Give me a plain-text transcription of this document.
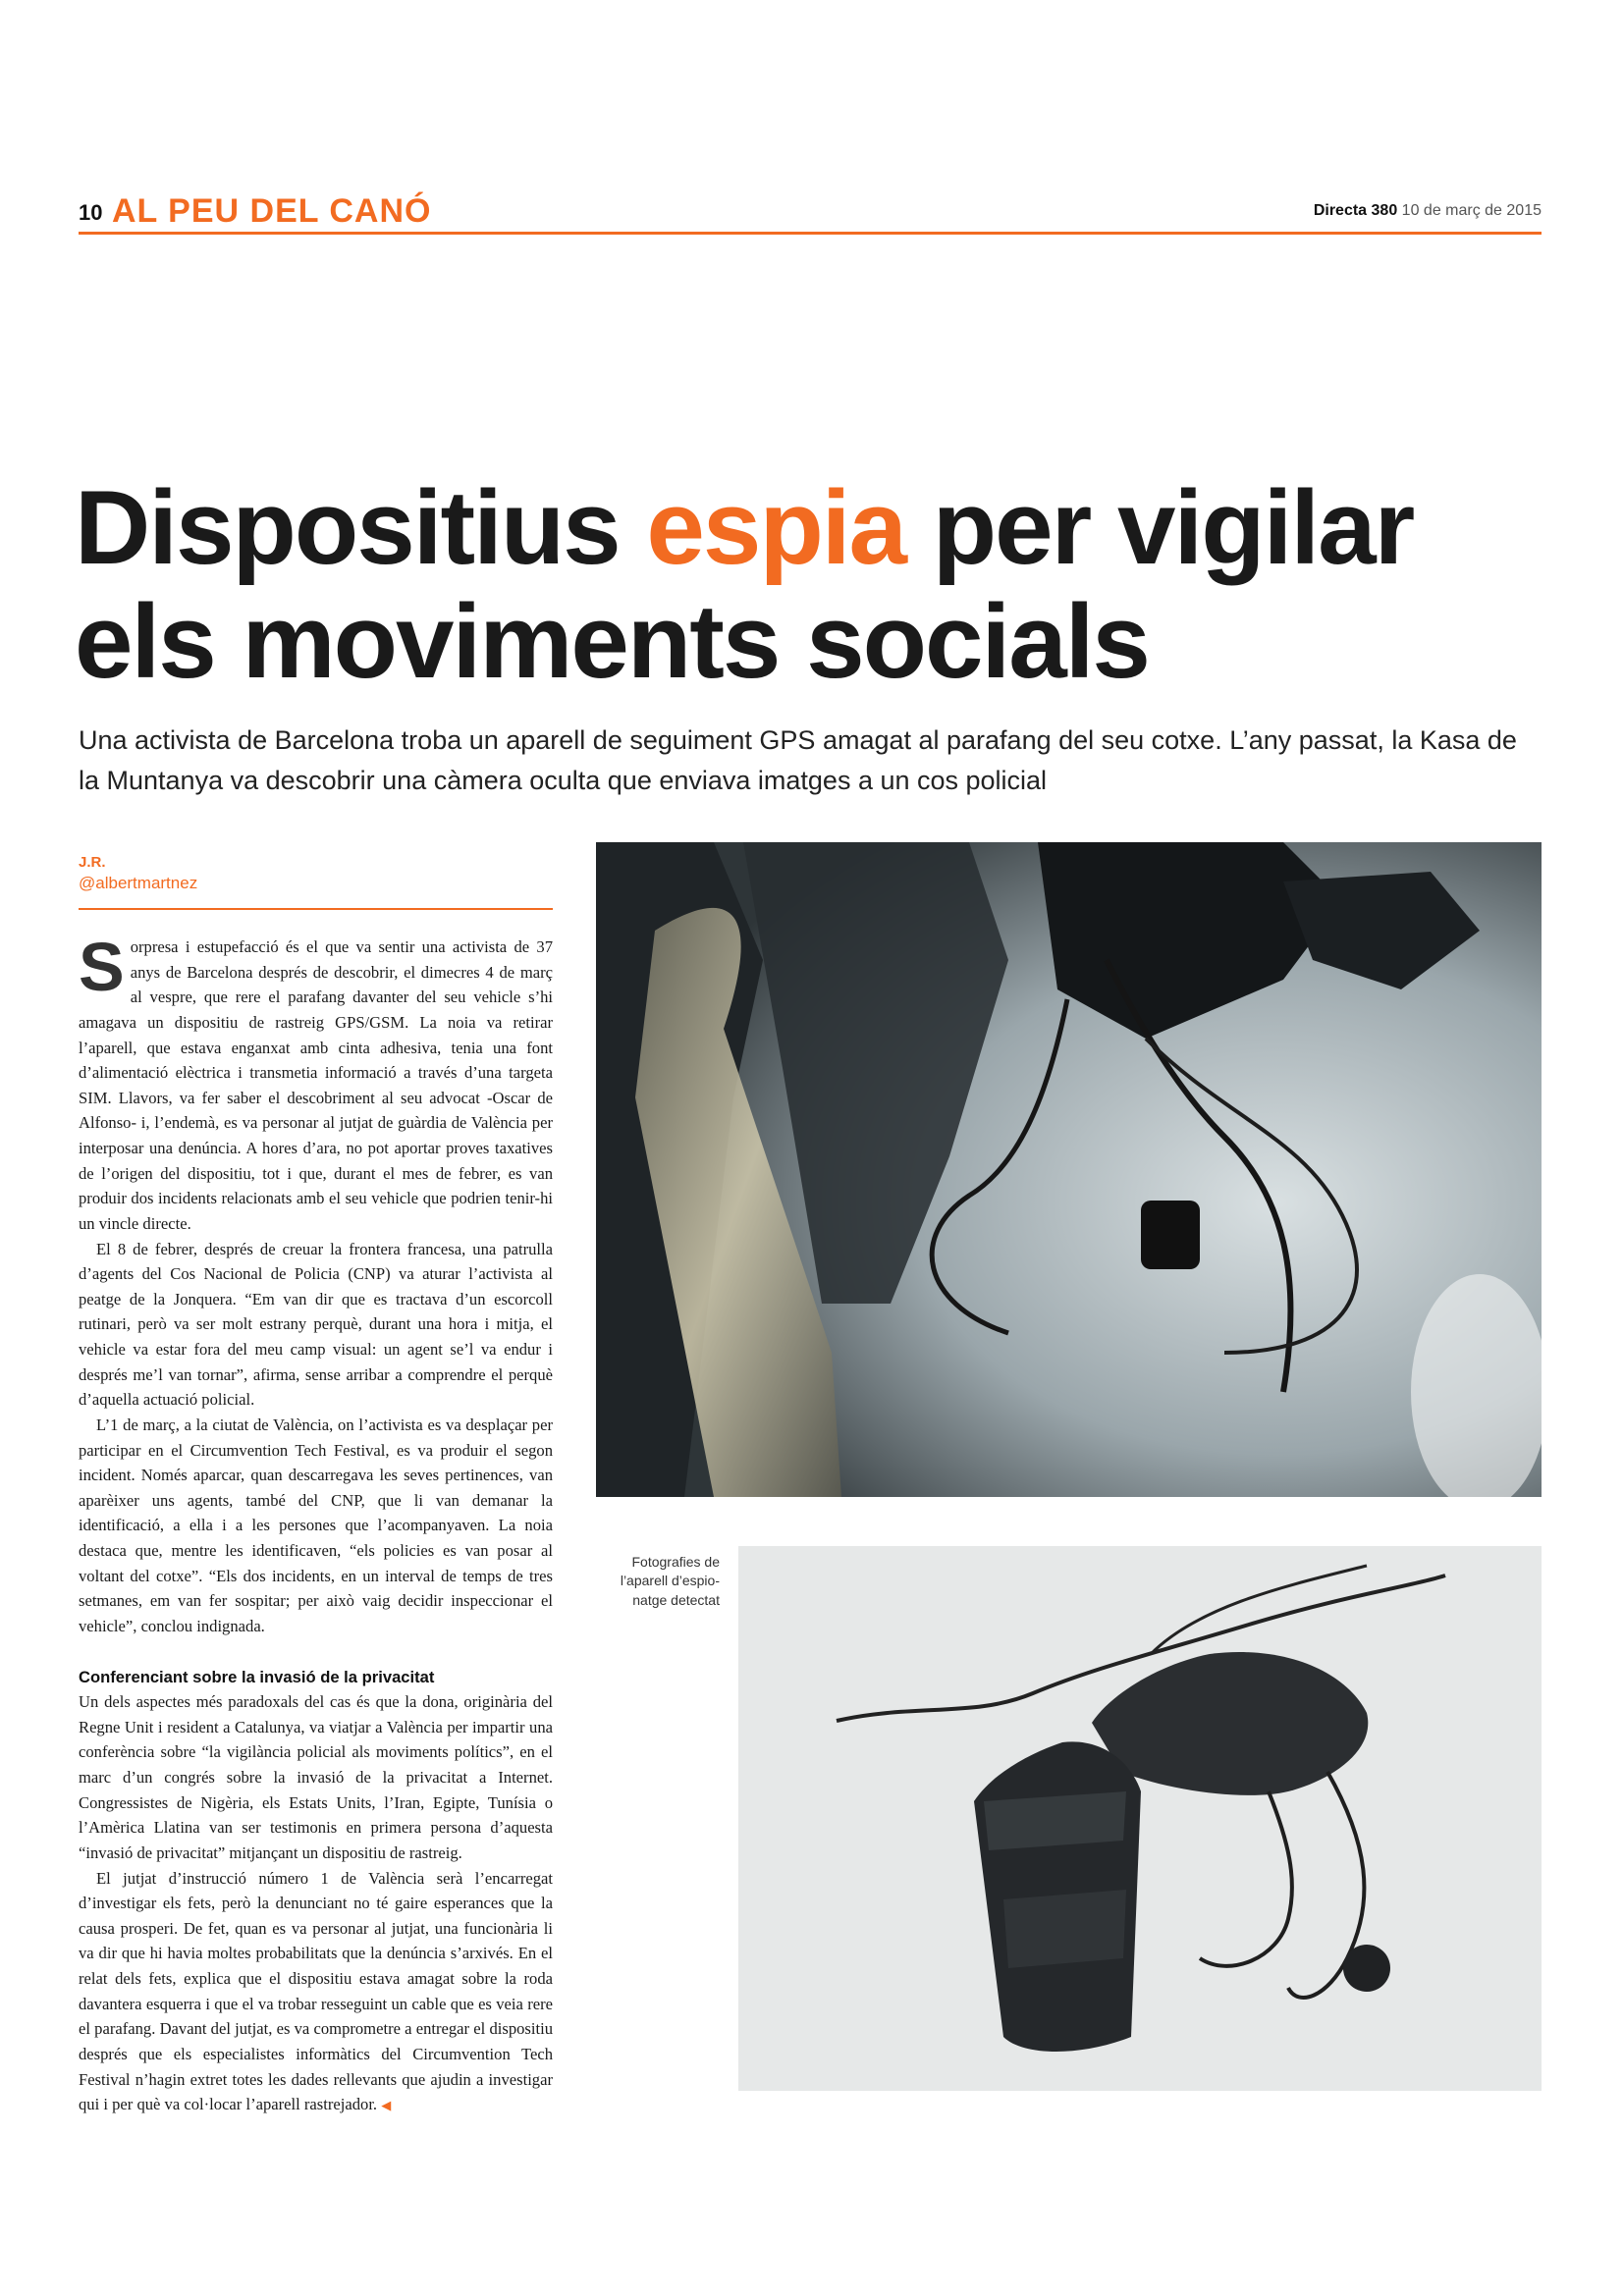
10 AL PEU DEL CANÓ	Directa 380 10 de març de 2015
Dispositius espia per vigilar els moviments socials

Una activista de Barcelona troba un aparell de seguiment GPS amagat al parafang del seu cotxe. L’any passat, la Kasa de la Muntanya va descobrir una càmera oculta que enviava imatges a un cos policial

J.R.
@albertmartnez

Sorpresa i estupefacció és el que va sentir una activista de 37 anys de Barcelona després de descobrir, el dimecres 4 de març al vespre, que rere el parafang davanter del seu vehicle s’hi amagava un dispositiu de rastreig GPS/GSM. La noia va retirar l’aparell, que estava enganxat amb cinta adhesiva, tenia una font d’alimentació elèctrica i transmetia informació a través d’una targeta SIM. Llavors, va fer saber el descobriment al seu advocat -Oscar de Alfonso- i, l’endemà, es va personar al jutjat de guàrdia de València per interposar una denúncia. A hores d’ara, no pot aportar proves taxatives de l’origen del dispositiu, tot i que, durant el mes de febrer, es van produir dos incidents relacionats amb el seu vehicle que podrien tenir-hi un vincle directe.

El 8 de febrer, després de creuar la frontera francesa, una patrulla d’agents del Cos Nacional de Policia (CNP) va aturar l’activista al peatge de la Jonquera. “Em van dir que es tractava d’un escorcoll rutinari, però va ser molt estrany perquè, durant una hora i mitja, el vehicle va estar fora del meu camp visual: un agent se’l va endur i després me’l van tornar”, afirma, sense arribar a comprendre el perquè d’aquella actuació policial.

L’1 de març, a la ciutat de València, on l’activista es va desplaçar per participar en el Circumvention Tech Festival, es va produir el segon incident. Només aparcar, quan descarregava les seves pertinences, van aparèixer uns agents, també del CNP, que li van demanar la identificació, a ella i a les persones que l’acompanyaven. La noia destaca que, mentre les identificaven, “els policies es van posar al voltant del cotxe”. “Els dos incidents, en un interval de temps de tres setmanes, em van fer sospitar; per això vaig decidir inspeccionar el vehicle”, conclou indignada.

Conferenciant sobre la invasió de la privacitat

Un dels aspectes més paradoxals del cas és que la dona, originària del Regne Unit i resident a Catalunya, va viatjar a València per impartir una conferència sobre “la vigilància policial als moviments polítics”, en el marc d’un congrés sobre la invasió de la privacitat a Internet. Congressistes de Nigèria, els Estats Units, l’Iran, Egipte, Tunísia o l’Amèrica Llatina van ser testimonis en primera persona d’aquesta “invasió de privacitat” mitjançant un dispositiu de rastreig.

El jutjat d’instrucció número 1 de València serà l’encarregat d’investigar els fets, però la denunciant no té gaire esperances que la causa prosperi. De fet, quan es va personar al jutjat, una funcionària li va dir que hi havia moltes probabilitats que la denúncia s’arxivés. En el relat dels fets, explica que el dispositiu estava amagat sobre la roda davantera esquerra i que el va trobar resseguint un cable que es veia rere el parafang. Davant del jutjat, es va comprometre a entregar el dispositiu després que els especialistes informàtics del Circumvention Tech Festival n’hagin extret totes les dades rellevants que ajudin a investigar qui i per què va col·locar l’aparell rastrejador. ◀

Fotografies de
l’aparell d’espio-
natge detectat
